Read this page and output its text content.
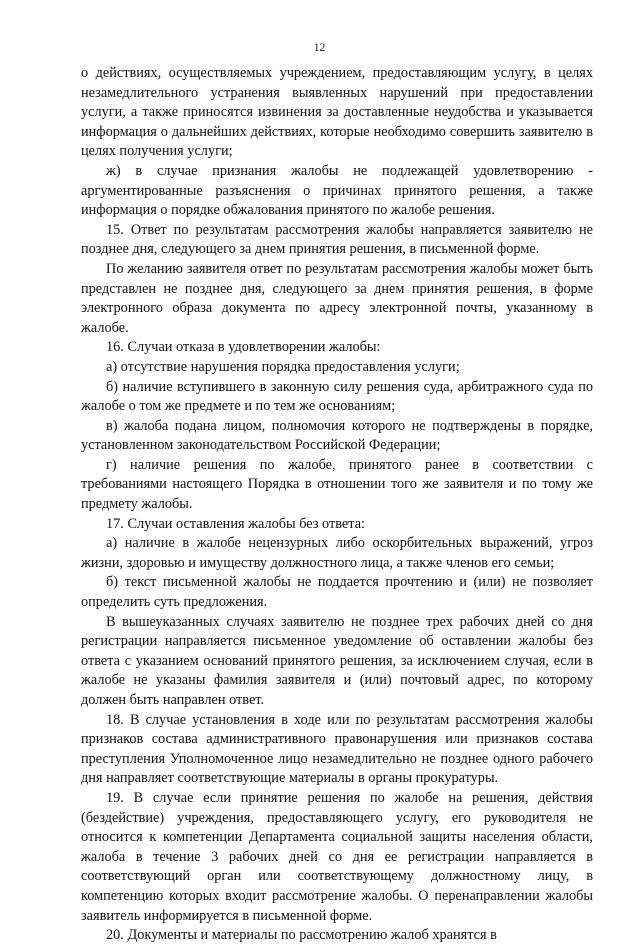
12

о действиях, осуществляемых учреждением, предоставляющим услугу, в целях незамедлительного устранения выявленных нарушений при предоставлении услуги, а также приносятся извинения за доставленные неудобства и указывается информация о дальнейших действиях, которые необходимо совершить заявителю в целях получения услуги;

ж) в случае признания жалобы не подлежащей удовлетворению - аргументированные разъяснения о причинах принятого решения, а также информация о порядке обжалования принятого по жалобе решения.

15. Ответ по результатам рассмотрения жалобы направляется заявителю не позднее дня, следующего за днем принятия решения, в письменной форме.

По желанию заявителя ответ по результатам рассмотрения жалобы может быть представлен не позднее дня, следующего за днем принятия решения, в форме электронного образа документа по адресу электронной почты, указанному в жалобе.

16. Случаи отказа в удовлетворении жалобы:

а) отсутствие нарушения порядка предоставления услуги;

б) наличие вступившего в законную силу решения суда, арбитражного суда по жалобе о том же предмете и по тем же основаниям;

в) жалоба подана лицом, полномочия которого не подтверждены в порядке, установленном законодательством Российской Федерации;

г) наличие решения по жалобе, принятого ранее в соответствии с требованиями настоящего Порядка в отношении того же заявителя и по тому же предмету жалобы.

17. Случаи оставления жалобы без ответа:

а) наличие в жалобе нецензурных либо оскорбительных выражений, угроз жизни, здоровью и имуществу должностного лица, а также членов его семьи;

б) текст письменной жалобы не поддается прочтению и (или) не позволяет определить суть предложения.

В вышеуказанных случаях заявителю не позднее трех рабочих дней со дня регистрации направляется письменное уведомление об оставлении жалобы без ответа с указанием оснований принятого решения, за исключением случая, если в жалобе не указаны фамилия заявителя и (или) почтовый адрес, по которому должен быть направлен ответ.

18. В случае установления в ходе или по результатам рассмотрения жалобы признаков состава административного правонарушения или признаков состава преступления Уполномоченное лицо незамедлительно не позднее одного рабочего дня направляет соответствующие материалы в органы прокуратуры.

19. В случае если принятие решения по жалобе на решения, действия (бездействие) учреждения, предоставляющего услугу, его руководителя не относится к компетенции Департамента социальной защиты населения области, жалоба в течение 3 рабочих дней со дня ее регистрации направляется в соответствующий орган или соответствующему должностному лицу, в компетенцию которых входит рассмотрение жалобы. О перенаправлении жалобы заявитель информируется в письменной форме.

20. Документы и материалы по рассмотрению жалоб хранятся в
